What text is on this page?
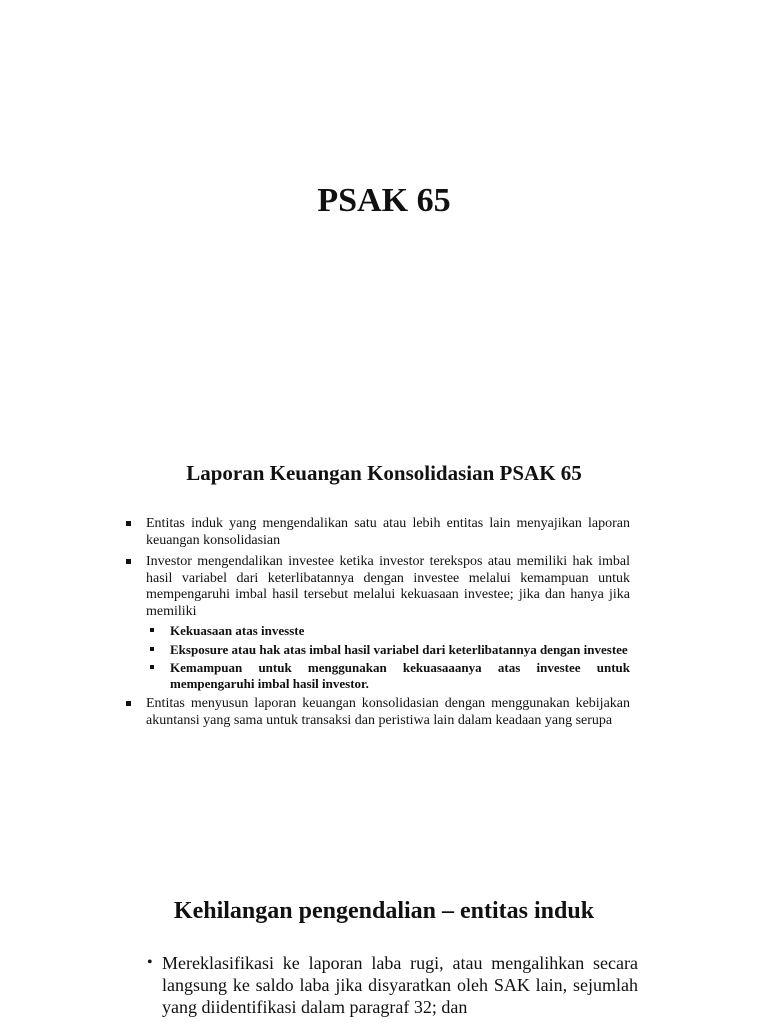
PSAK 65
Laporan Keuangan Konsolidasian PSAK 65
Entitas induk yang mengendalikan satu atau lebih entitas lain menyajikan laporan keuangan konsolidasian
Investor mengendalikan investee ketika investor terekspos atau memiliki hak imbal hasil variabel dari keterlibatannya dengan investee melalui kemampuan untuk mempengaruhi imbal hasil tersebut melalui kekuasaan investee; jika dan hanya jika memiliki
Kekuasaan atas invesste
Eksposure atau hak atas imbal hasil variabel dari keterlibatannya dengan investee
Kemampuan untuk menggunakan kekuasaaanya atas investee untuk mempengaruhi imbal hasil investor.
Entitas menyusun laporan keuangan konsolidasian dengan menggunakan kebijakan akuntansi yang sama untuk transaksi dan peristiwa lain dalam keadaan yang serupa
Kehilangan pengendalian – entitas induk
• Mereklasifikasi ke laporan laba rugi, atau mengalihkan secara langsung ke saldo laba jika disyaratkan oleh SAK lain, sejumlah yang diidentifikasi dalam paragraf 32; dan
